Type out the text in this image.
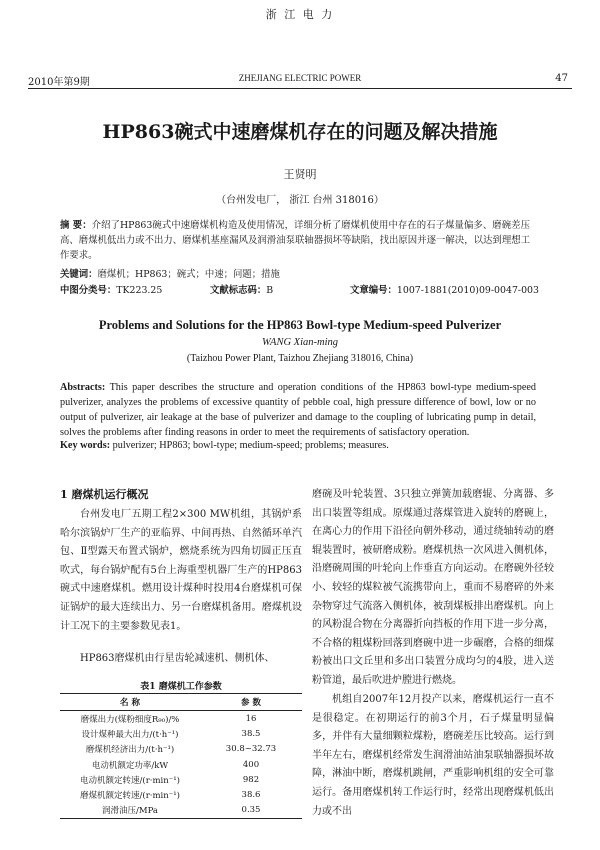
浙 江 电 力
2010年第9期	ZHEJIANG ELECTRIC POWER	47
HP863碗式中速磨煤机存在的问题及解决措施
王贤明
（台州发电厂， 浙江 台州 318016）
摘 要：介绍了HP863碗式中速磨煤机构造及使用情况，详细分析了磨煤机使用中存在的石子煤量偏多、磨碗差压高、磨煤机低出力或不出力、磨煤机基座漏风及润滑油泵联轴器损坏等缺陷，找出原因并逐一解决，以达到理想工作要求。
关键词：磨煤机；HP863；碗式；中速；问题；措施
中图分类号：TK223.25	文献标志码：B	文章编号：1007-1881(2010)09-0047-003
Problems and Solutions for the HP863 Bowl-type Medium-speed Pulverizer
WANG Xian-ming
(Taizhou Power Plant, Taizhou Zhejiang 318016, China)
Abstracts: This paper describes the structure and operation conditions of the HP863 bowl-type medium-speed pulverizer, analyzes the problems of excessive quantity of pebble coal, high pressure difference of bowl, low or no output of pulverizer, air leakage at the base of pulverizer and damage to the coupling of lubricating pump in detail, solves the problems after finding reasons in order to meet the requirements of satisfactory operation.
Key words: pulverizer; HP863; bowl-type; medium-speed; problems; measures.
1 磨煤机运行概况
台州发电厂五期工程2×300 MW机组，其锅炉系哈尔滨锅炉厂生产的亚临界、中间再热、自然循环单汽包、Ⅱ型露天布置式锅炉，燃烧系统为四角切圆正压直吹式，每台锅炉配有5台上海重型机器厂生产的HP863碗式中速磨煤机。燃用设计煤种时投用4台磨煤机可保证锅炉的最大连续出力、另一台磨煤机备用。磨煤机设计工况下的主要参数见表1。
HP863磨煤机由行星齿轮减速机、侧机体、
表1 磨煤机工作参数
名 称	参 数
磨煤出力(煤粉细度R₉₀)/%	16
设计煤种最大出力/(t·h⁻¹)	38.5
磨煤机经济出力/(t·h⁻¹)	30.8~32.73
电动机额定功率/kW	400
电动机额定转速/(r·min⁻¹)	982
磨煤机额定转速/(r·min⁻¹)	38.6
润滑油压/MPa	0.35
磨碗及叶轮装置、3只独立弹簧加载磨辊、分离器、多出口装置等组成。原煤通过落煤管进入旋转的磨碗上，在离心力的作用下沿径向朝外移动，通过绕轴转动的磨辊装置时，被研磨成粉。磨煤机热一次风进入侧机体，沿磨碗周围的叶轮向上作垂直方向运动。在磨碗外径较小、较轻的煤粒被气流携带向上，重而不易磨碎的外来杂物穿过气流落入侧机体，被刮煤板排出磨煤机。向上的风粉混合物在分离器折向挡板的作用下进一步分离，不合格的粗煤粉回落到磨碗中进一步碾磨，合格的细煤粉被出口文丘里和多出口装置分成均匀的4股，进入送粉管道，最后吹进炉膛进行燃烧。
机组自2007年12月投产以来，磨煤机运行一直不是很稳定。在初期运行的前3个月，石子煤量明显偏多，并伴有大量细颗粒煤粉，磨碗差压比较高。运行到半年左右，磨煤机经常发生润滑油站油泵联轴器损坏故障，淋油中断，磨煤机跳闸，严重影响机组的安全可靠运行。备用磨煤机转工作运行时，经常出现磨煤机低出力或不出
